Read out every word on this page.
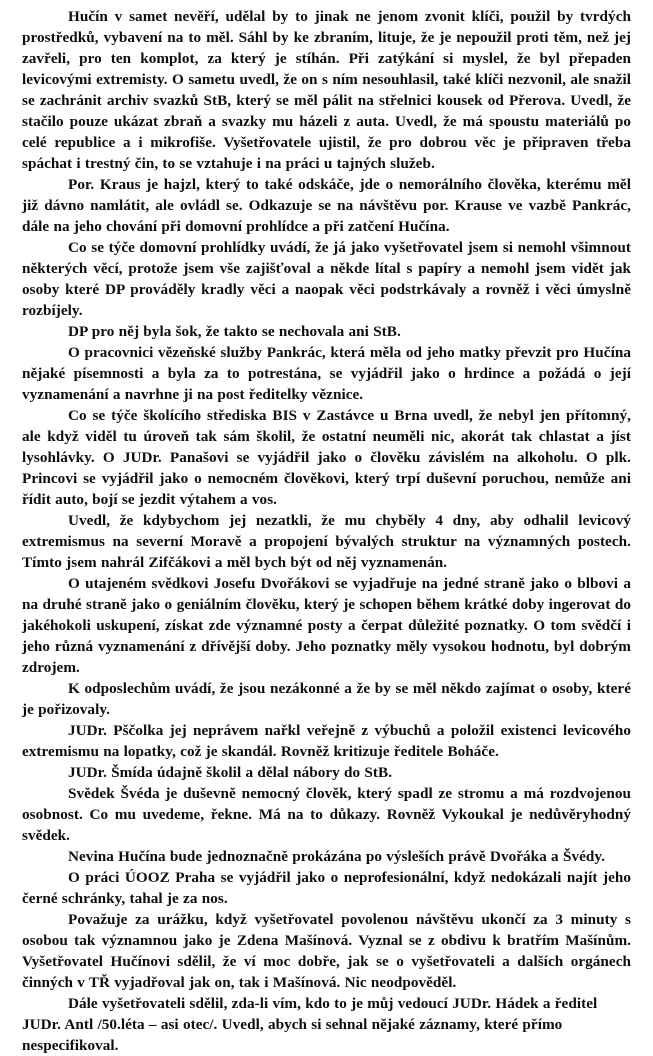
Hučín v samet nevěří, udělal by to jinak ne jenom zvonit klíči, použil by tvrdých prostředků, vybavení na to měl. Sáhl by ke zbraním, lituje, že je nepoužil proti těm, než jej zavřeli, pro ten komplot, za který je stíhán. Při zatýkání si myslel, že byl přepaden levicovými extremisty. O sametu uvedl, že on s ním nesouhlasil, také klíči nezvonil, ale snažil se zachránit archiv svazků StB, který se měl pálit na střelnici kousek od Přerova. Uvedl, že stačilo pouze ukázat zbraň a svazky mu házeli z auta. Uvedl, že má spoustu materiálů po celé republice a i mikrofiše. Vyšetřovatele ujistil, že pro dobrou věc je připraven třeba spáchat i trestný čin, to se vztahuje i na práci u tajných služeb.

Por. Kraus je hajzl, který to také odskáče, jde o nemorálního člověka, kterému měl již dávno namlátit, ale ovládl se. Odkazuje se na návštěvu por. Krause ve vazbě Pankrác, dále na jeho chování při domovní prohlídce a při zatčení Hučína.

Co se týče domovní prohlídky uvádí, že já jako vyšetřovatel jsem si nemohl všimnout některých věcí, protože jsem vše zajišťoval a někde lítal s papíry a nemohl jsem vidět jak osoby které DP prováděly kradly věci a naopak věci podstrkávaly a rovněž i věci úmyslně rozbíjely.

DP pro něj byla šok, že takto se nechovala ani StB.

O pracovnici vězeňské služby Pankrác, která měla od jeho matky převzit pro Hučína nějaké písemnosti a byla za to potrestána, se vyjádřil jako o hrdince a požádá o její vyznamenání a navrhne ji na post ředitelky věznice.

Co se týče školícího střediska BIS v Zastávce u Brna uvedl, že nebyl jen přítomný, ale když viděl tu úroveň tak sám školil, že ostatní neuměli nic, akorát tak chlastat a jíst lysohlávky. O JUDr. Panašovi se vyjádřil jako o člověku závislém na alkoholu. O plk. Princovi se vyjádřil jako o nemocném člověkovi, který trpí duševní poruchou, nemůže ani řídit auto, bojí se jezdit výtahem a vos.

Uvedl, že kdybychom jej nezatkli, že mu chyběly 4 dny, aby odhalil levicový extremismus na severní Moravě a propojení bývalých struktur na významných postech. Tímto jsem nahrál Zifčákovi a měl bych být od něj vyznamenán.

O utajeném svědkovi Josefu Dvořákovi se vyjadřuje na jedné straně jako o blbovi a na druhé straně jako o geniálním člověku, který je schopen během krátké doby ingerovat do jakéhokoli uskupení, získat zde významné posty a čerpat důležité poznatky. O tom svědčí i jeho různá vyznamenání z dřívější doby. Jeho poznatky měly vysokou hodnotu, byl dobrým zdrojem.

K odposlechům uvádí, že jsou nezákonné a že by se měl někdo zajímat o osoby, které je pořizovaly.

JUDr. Pščolka jej neprávem nařkl veřejně z výbuchů a položil existenci levicového extremismu na lopatky, což je skandál. Rovněž kritizuje ředitele Boháče.

JUDr. Šmída údajně školil a dělal nábory do StB.

Svědek Švéda je duševně nemocný člověk, který spadl ze stromu a má rozdvojenou osobnost. Co mu uvedeme, řekne. Má na to důkazy. Rovněž Vykoukal je nedůvěryhodný svědek.

Nevina Hučína bude jednoznačně prokázána po výsleších právě Dvořáka a Švédy.

O práci ÚOOZ Praha se vyjádřil jako o neprofesionální, když nedokázali najít jeho černé schránky, tahal je za nos.

Považuje za urážku, když vyšetřovatel povolenou návštěvu ukončí za 3 minuty s osobou tak významnou jako je Zdena Mašínová. Vyznal se z obdivu k bratřím Mašínům. Vyšetřovatel Hučínovi sdělil, že ví moc dobře, jak se o vyšetřovateli a dalších orgánech činných v TŘ vyjadřoval jak on, tak i Mašínová. Nic neodpověděl.

Dále vyšetřovateli sdělil, zda-li vím, kdo to je můj vedoucí JUDr. Hádek a ředitel JUDr. Antl /50.léta – asi otec/. Uvedl, abych si sehnal nějaké záznamy, které přímo nespecifikoval.
